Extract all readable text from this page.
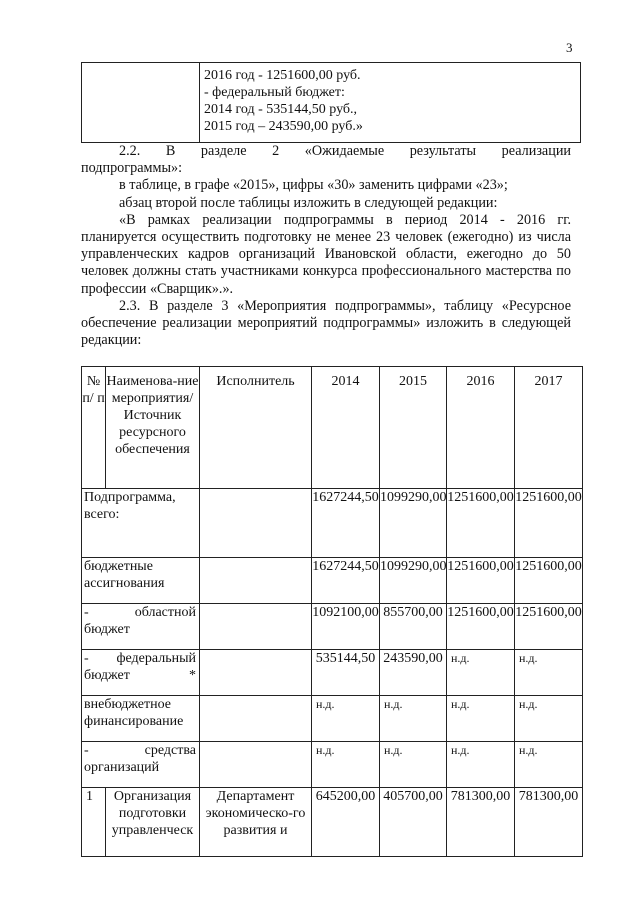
3

2016 год - 1251600,00 руб.
- федеральный бюджет:
2014 год - 535144,50 руб.,
2015 год – 243590,00 руб.»

2.2. В разделе 2 «Ожидаемые результаты реализации

подпрограммы»:

в таблице, в графе «2015», цифры «30» заменить цифрами «23»;

абзац второй после таблицы изложить в следующей редакции:

«В рамках реализации подпрограммы в период 2014 - 2016 гг. планируется осуществить подготовку не менее 23 человек (ежегодно) из числа управленческих кадров организаций Ивановской области, ежегодно до 50 человек должны стать участниками конкурса профессионального мастерства по профессии «Сварщик».».

2.3. В разделе 3 «Мероприятия подпрограммы», таблицу «Ресурсное обеспечение реализации мероприятий подпрограммы» изложить в следующей редакции:

№ п/ п	Наименова-ние мероприятия/ Источник ресурсного обеспечения	Исполнитель	2014	2015	2016	2017
Подпрограмма, всего:			1627244,50	1099290,00	1251600,00	1251600,00
бюджетные ассигнования			1627244,50	1099290,00	1251600,00	1251600,00
- областной бюджет			1092100,00	855700,00	1251600,00	1251600,00
- федеральный бюджет *			535144,50	243590,00	н.д.	н.д.
внебюджетное финансирование			н.д.	н.д.	н.д.	н.д.
- средства организаций			н.д.	н.д.	н.д.	н.д.
1	Организация подготовки управленческ	Департамент экономическо-го развития и	645200,00	405700,00	781300,00	781300,00
